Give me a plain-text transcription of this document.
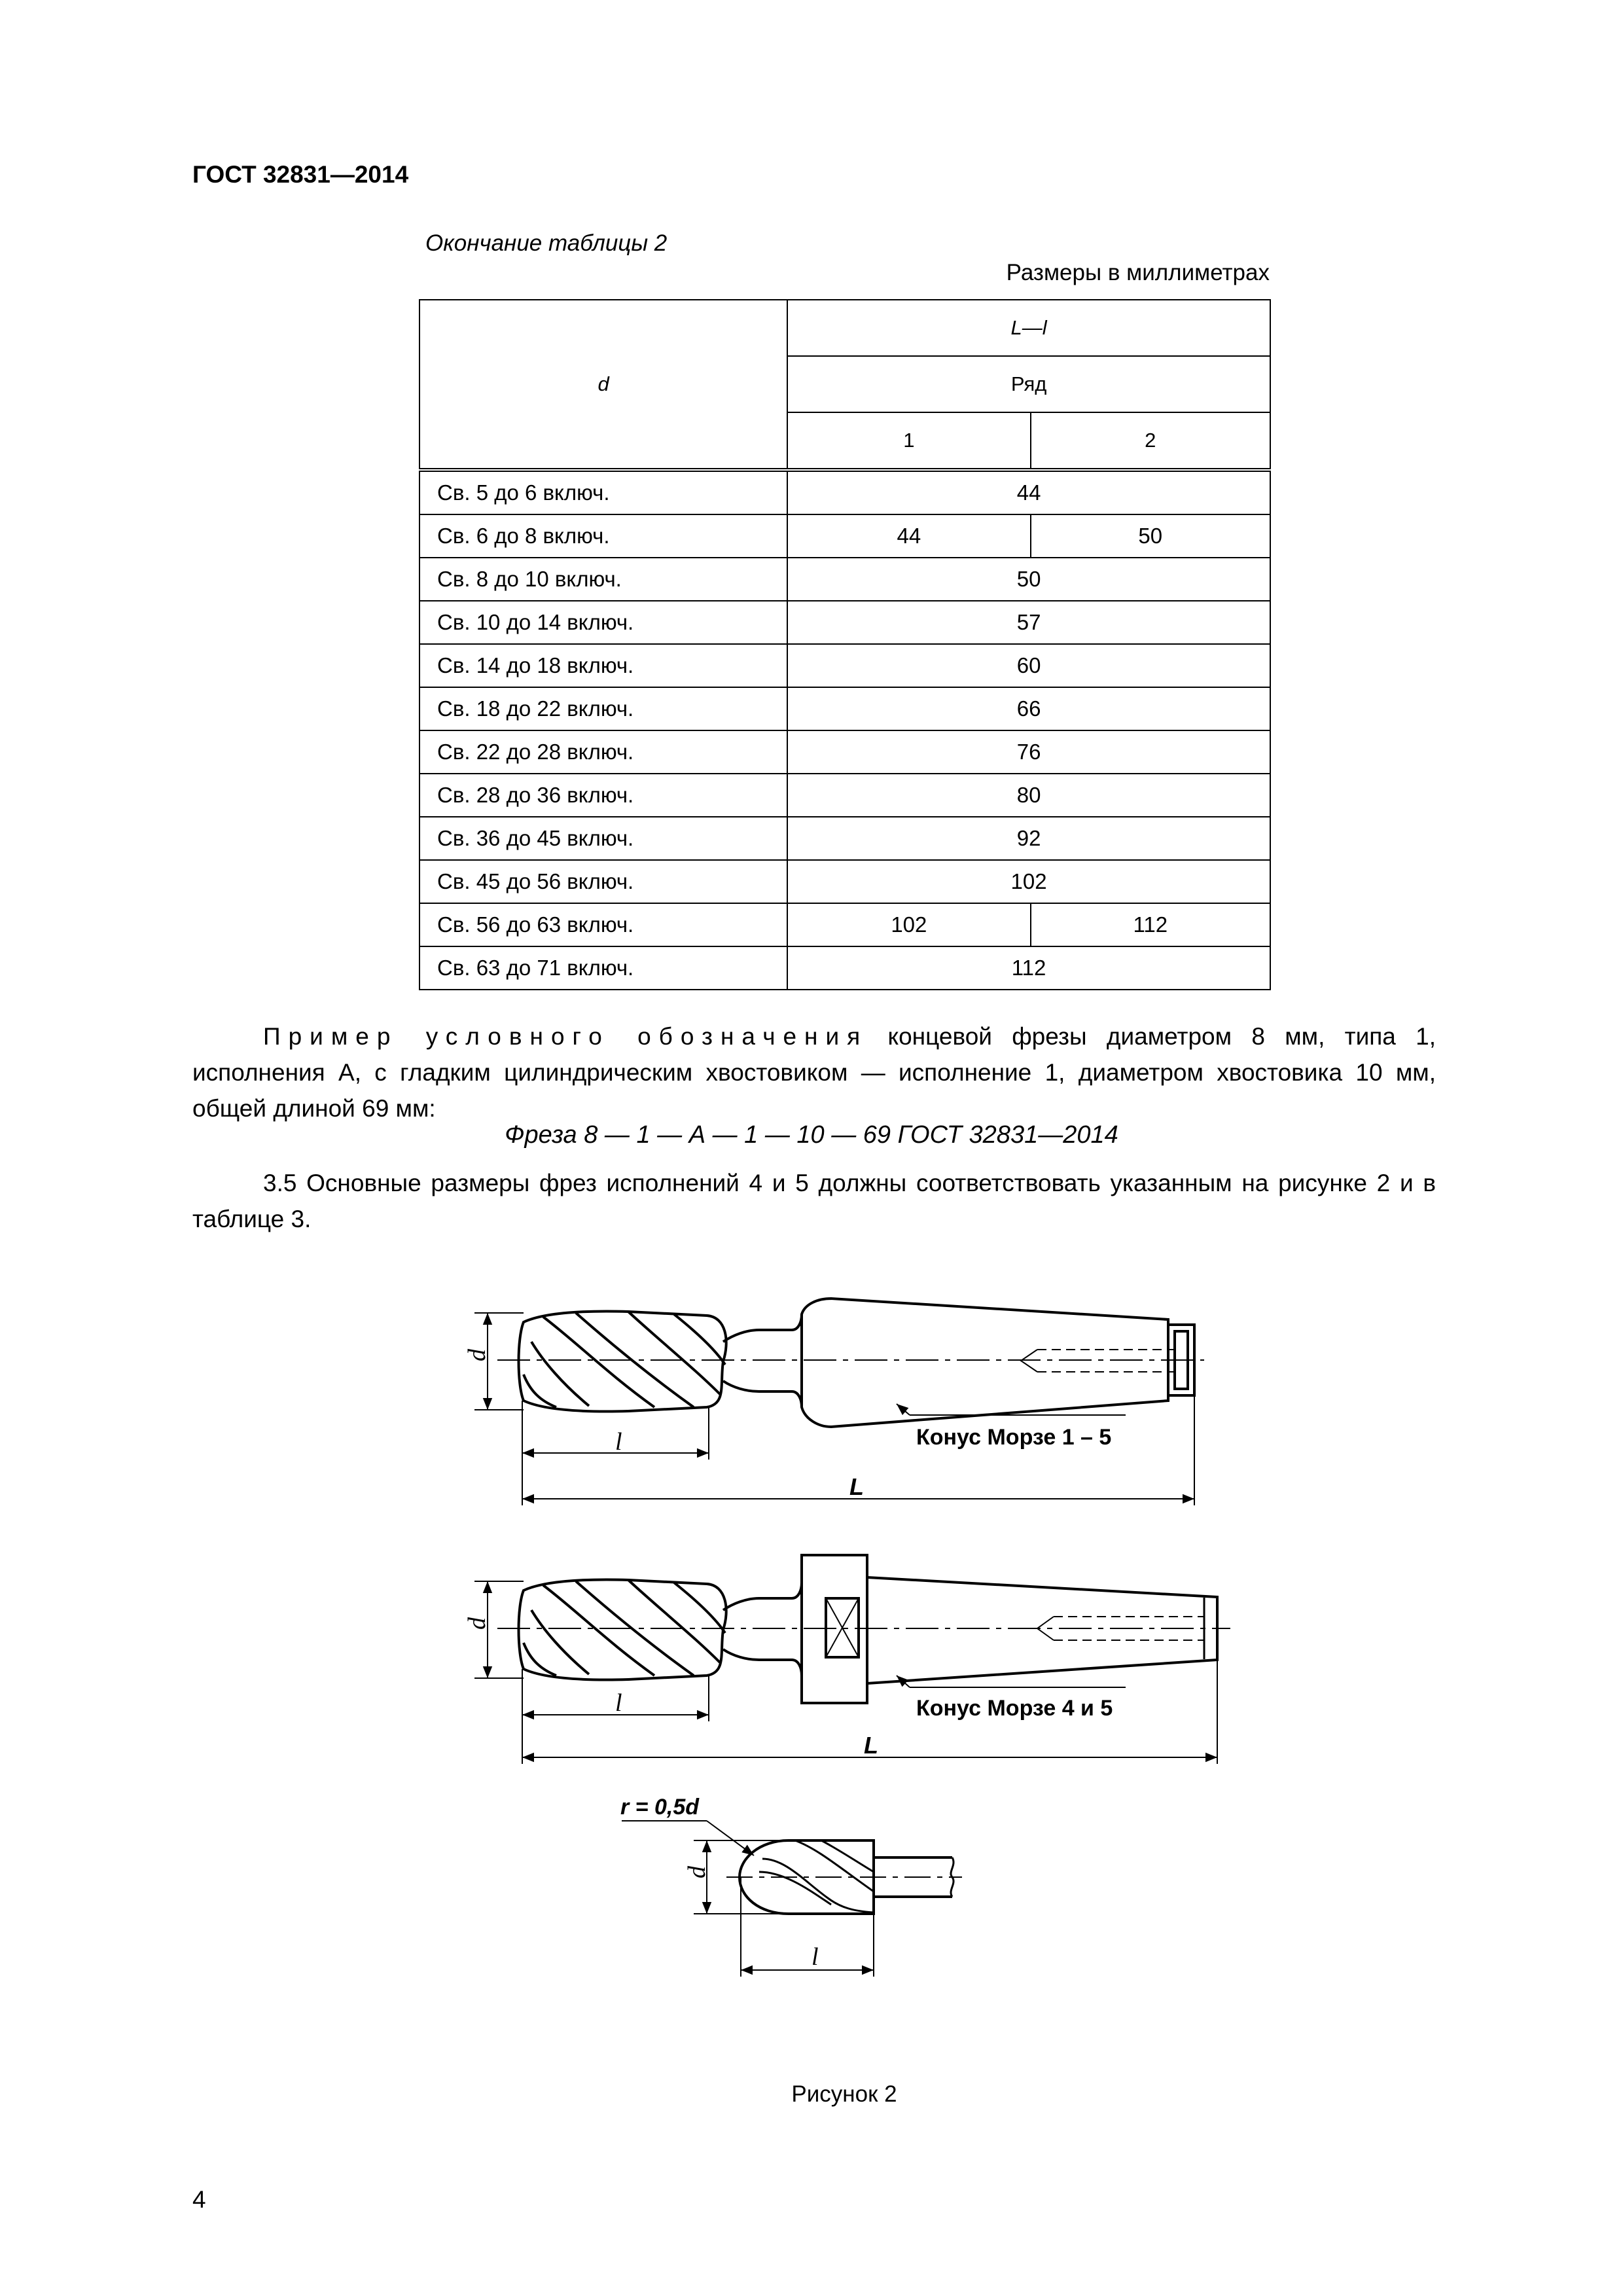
ГОСТ 32831—2014
Окончание таблицы 2
Размеры в миллиметрах
d	L—l	
	Ряд	
	1	2
Св. 5 до 6 включ.	44	
Св. 6 до 8 включ.	44	50
Св. 8 до 10 включ.	50	
Св. 10 до 14 включ.	57	
Св. 14 до 18 включ.	60	
Св. 18 до 22 включ.	66	
Св. 22 до 28 включ.	76	
Св. 28 до 36 включ.	80	
Св. 36 до 45 включ.	92	
Св. 45 до 56 включ.	102	
Св. 56 до 63 включ.	102	112
Св. 63 до 71 включ.	112	
Пример условного обозначения концевой фрезы диаметром 8 мм, типа 1, исполнения А, с гладким цилиндрическим хвостовиком — исполнение 1, диаметром хвостовика 10 мм, общей длиной 69 мм:
Фреза 8 — 1 — А — 1 — 10 — 69 ГОСТ 32831—2014
3.5 Основные размеры фрез исполнений 4 и 5 должны соответствовать указанным на рисунке 2 и в таблице 3.
d
l
L
Конус Морзе 1 – 5
d
l
L
Конус Морзе 4 и 5
d
l
r = 0,5d
Рисунок 2
4
